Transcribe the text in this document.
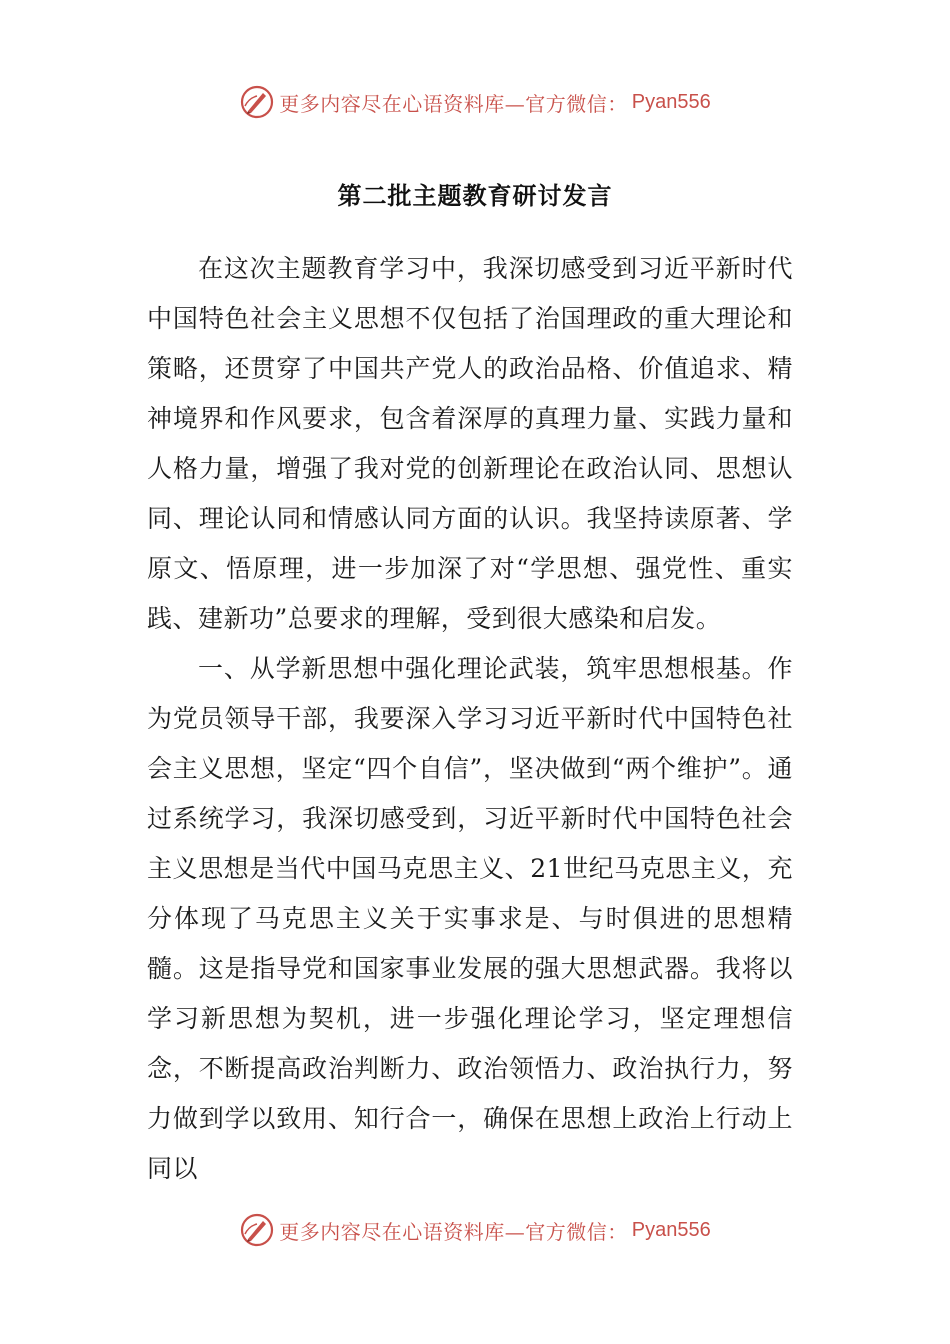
更多内容尽在心语资料库—官方微信： Pyan556
第二批主题教育研讨发言

在这次主题教育学习中，我深切感受到习近平新时代中国特色社会主义思想不仅包括了治国理政的重大理论和策略，还贯穿了中国共产党人的政治品格、价值追求、精神境界和作风要求，包含着深厚的真理力量、实践力量和人格力量，增强了我对党的创新理论在政治认同、思想认同、理论认同和情感认同方面的认识。我坚持读原著、学原文、悟原理，进一步加深了对“学思想、强党性、重实践、建新功”总要求的理解，受到很大感染和启发。

一、从学新思想中强化理论武装，筑牢思想根基。作为党员领导干部，我要深入学习习近平新时代中国特色社会主义思想，坚定“四个自信”，坚决做到“两个维护”。通过系统学习，我深切感受到，习近平新时代中国特色社会主义思想是当代中国马克思主义、21世纪马克思主义，充分体现了马克思主义关于实事求是、与时俱进的思想精髓。这是指导党和国家事业发展的强大思想武器。我将以学习新思想为契机，进一步强化理论学习，坚定理想信念，不断提高政治判断力、政治领悟力、政治执行力，努力做到学以致用、知行合一，确保在思想上政治上行动上同以

更多内容尽在心语资料库—官方微信： Pyan556
